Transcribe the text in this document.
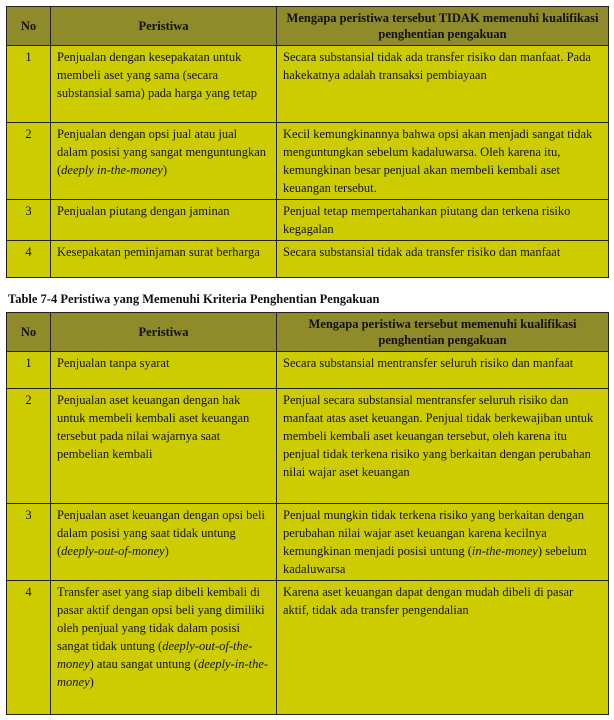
No	Peristiwa	Mengapa peristiwa tersebut TIDAK memenuhi kualifikasi penghentian pengakuan
1	Penjualan dengan kesepakatan untuk membeli aset yang sama (secara substansial sama) pada harga yang tetap	Secara substansial tidak ada transfer risiko dan manfaat. Pada hakekatnya adalah transaksi pembiayaan
2	Penjualan dengan opsi jual atau jual dalam posisi yang sangat menguntungkan (deeply in-the-money)	Kecil kemungkinannya bahwa opsi akan menjadi sangat tidak menguntungkan sebelum kadaluwarsa. Oleh karena itu, kemungkinan besar penjual akan membeli kembali aset keuangan tersebut.
3	Penjualan piutang dengan jaminan	Penjual tetap mempertahankan piutang dan terkena risiko kegagalan
4	Kesepakatan peminjaman surat berharga	Secara substansial tidak ada transfer risiko dan manfaat
Table 7-4 Peristiwa yang Memenuhi Kriteria Penghentian Pengakuan
No	Peristiwa	Mengapa peristiwa tersebut memenuhi kualifikasi penghentian pengakuan
1	Penjualan tanpa syarat	Secara substansial mentransfer seluruh risiko dan manfaat
2	Penjualan aset keuangan dengan hak untuk membeli kembali aset keuangan tersebut pada nilai wajarnya saat pembelian kembali	Penjual secara substansial mentransfer seluruh risiko dan manfaat atas aset keuangan. Penjual tidak berkewajiban untuk membeli kembali aset keuangan tersebut, oleh karena itu penjual tidak terkena risiko yang berkaitan dengan perubahan nilai wajar aset keuangan
3	Penjualan aset keuangan dengan opsi beli dalam posisi yang saat tidak untung (deeply-out-of-money)	Penjual mungkin tidak terkena risiko yang berkaitan dengan perubahan nilai wajar aset keuangan karena kecilnya kemungkinan menjadi posisi untung (in-the-money) sebelum kadaluwarsa
4	Transfer aset yang siap dibeli kembali di pasar aktif dengan opsi beli yang dimiliki oleh penjual yang tidak dalam posisi sangat tidak untung (deeply-out-of-the-money) atau sangat untung (deeply-in-the-money)	Karena aset keuangan dapat dengan mudah dibeli di pasar aktif, tidak ada transfer pengendalian
